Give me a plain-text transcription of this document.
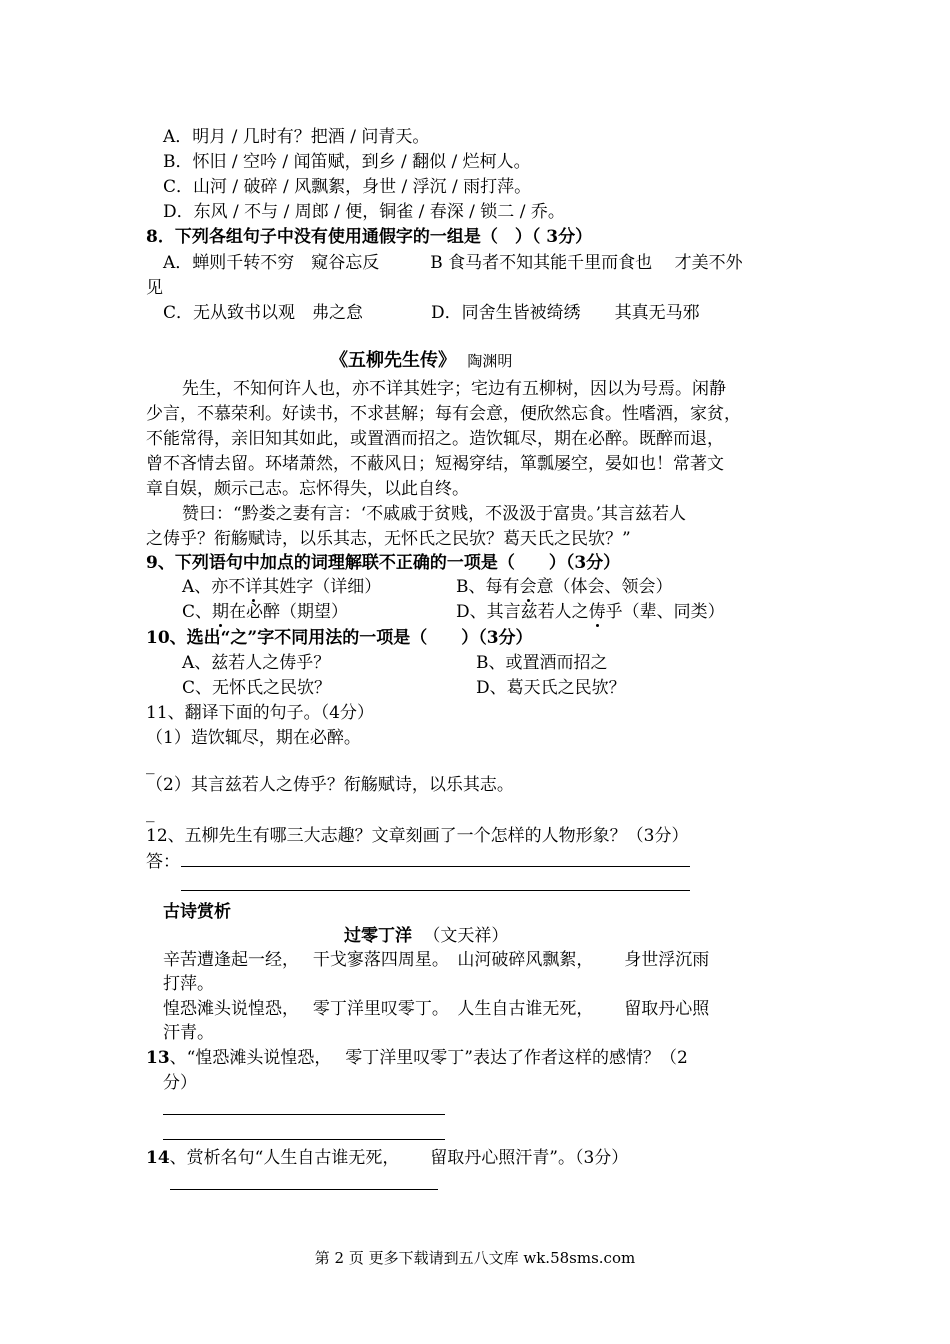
A．明月 / 几时有？把酒 / 问青天。
B．怀旧 / 空吟 / 闻笛赋，到乡 / 翻似 / 烂柯人。
C．山河 / 破碎 / 风飘絮，身世 / 浮沉 / 雨打萍。
D．东风 / 不与 / 周郎 / 便，铜雀 / 春深 / 锁二 / 乔。
8．下列各组句子中没有使用通假字的一组是（　）（ 3分）
A．蝉则千转不穷　窥谷忘反　　　B 食马者不知其能千里而食也　 才美不外
见
C．无从致书以观　弗之怠　　　　D．同舍生皆被绮绣　　其真无马邪
《五柳先生传》 陶渊明
先生，不知何许人也，亦不详其姓字；宅边有五柳树，因以为号焉。闲静
少言，不慕荣利。好读书，不求甚解；每有会意，便欣然忘食。性嗜酒，家贫，
不能常得，亲旧知其如此，或置酒而招之。造饮辄尽，期在必醉。既醉而退，
曾不吝情去留。环堵萧然，不蔽风日；短褐穿结，箪瓢屡空，晏如也！常著文
章自娱，颇示己志。忘怀得失，以此自终。
赞曰：“黔娄之妻有言：‘不戚戚于贫贱，不汲汲于富贵。’其言兹若人
之俦乎？衔觞赋诗，以乐其志，无怀氏之民欤？葛天氏之民欤？”
9、下列语句中加点的词理解联不正确的一项是（　　）（3分）
A、亦不详其姓字（详细）	B、每有会意（体会、领会）
C、期在必醉（期望）	D、其言兹若人之俦乎（辈、同类）
10、选出“之”字不同用法的一项是（　　）（3分）
A、兹若人之俦乎？	B、或置酒而招之
C、无怀氏之民欤？	D、葛天氏之民欤？
11、翻译下面的句子。（4分）
（1）造饮辄尽，期在必醉。
_
（2）其言兹若人之俦乎？衔觞赋诗，以乐其志。
_
12、五柳先生有哪三大志趣？文章刻画了一个怎样的人物形象？（3分）
答：
古诗赏析
过零丁洋 （文天祥）
辛苦遭逢起一经，　 干戈寥落四周星。　山河破碎风飘絮，　　 身世浮沉雨
打萍。
惶恐滩头说惶恐，　 零丁洋里叹零丁。　人生自古谁无死，　　 留取丹心照
汗青。
13、“惶恐滩头说惶恐，　 零丁洋里叹零丁”表达了作者这样的感情？（2
分）
14、赏析名句“人生自古谁无死，　　 留取丹心照汗青”。（3分）
第 2 页 更多下载请到五八文库 wk.58sms.com
